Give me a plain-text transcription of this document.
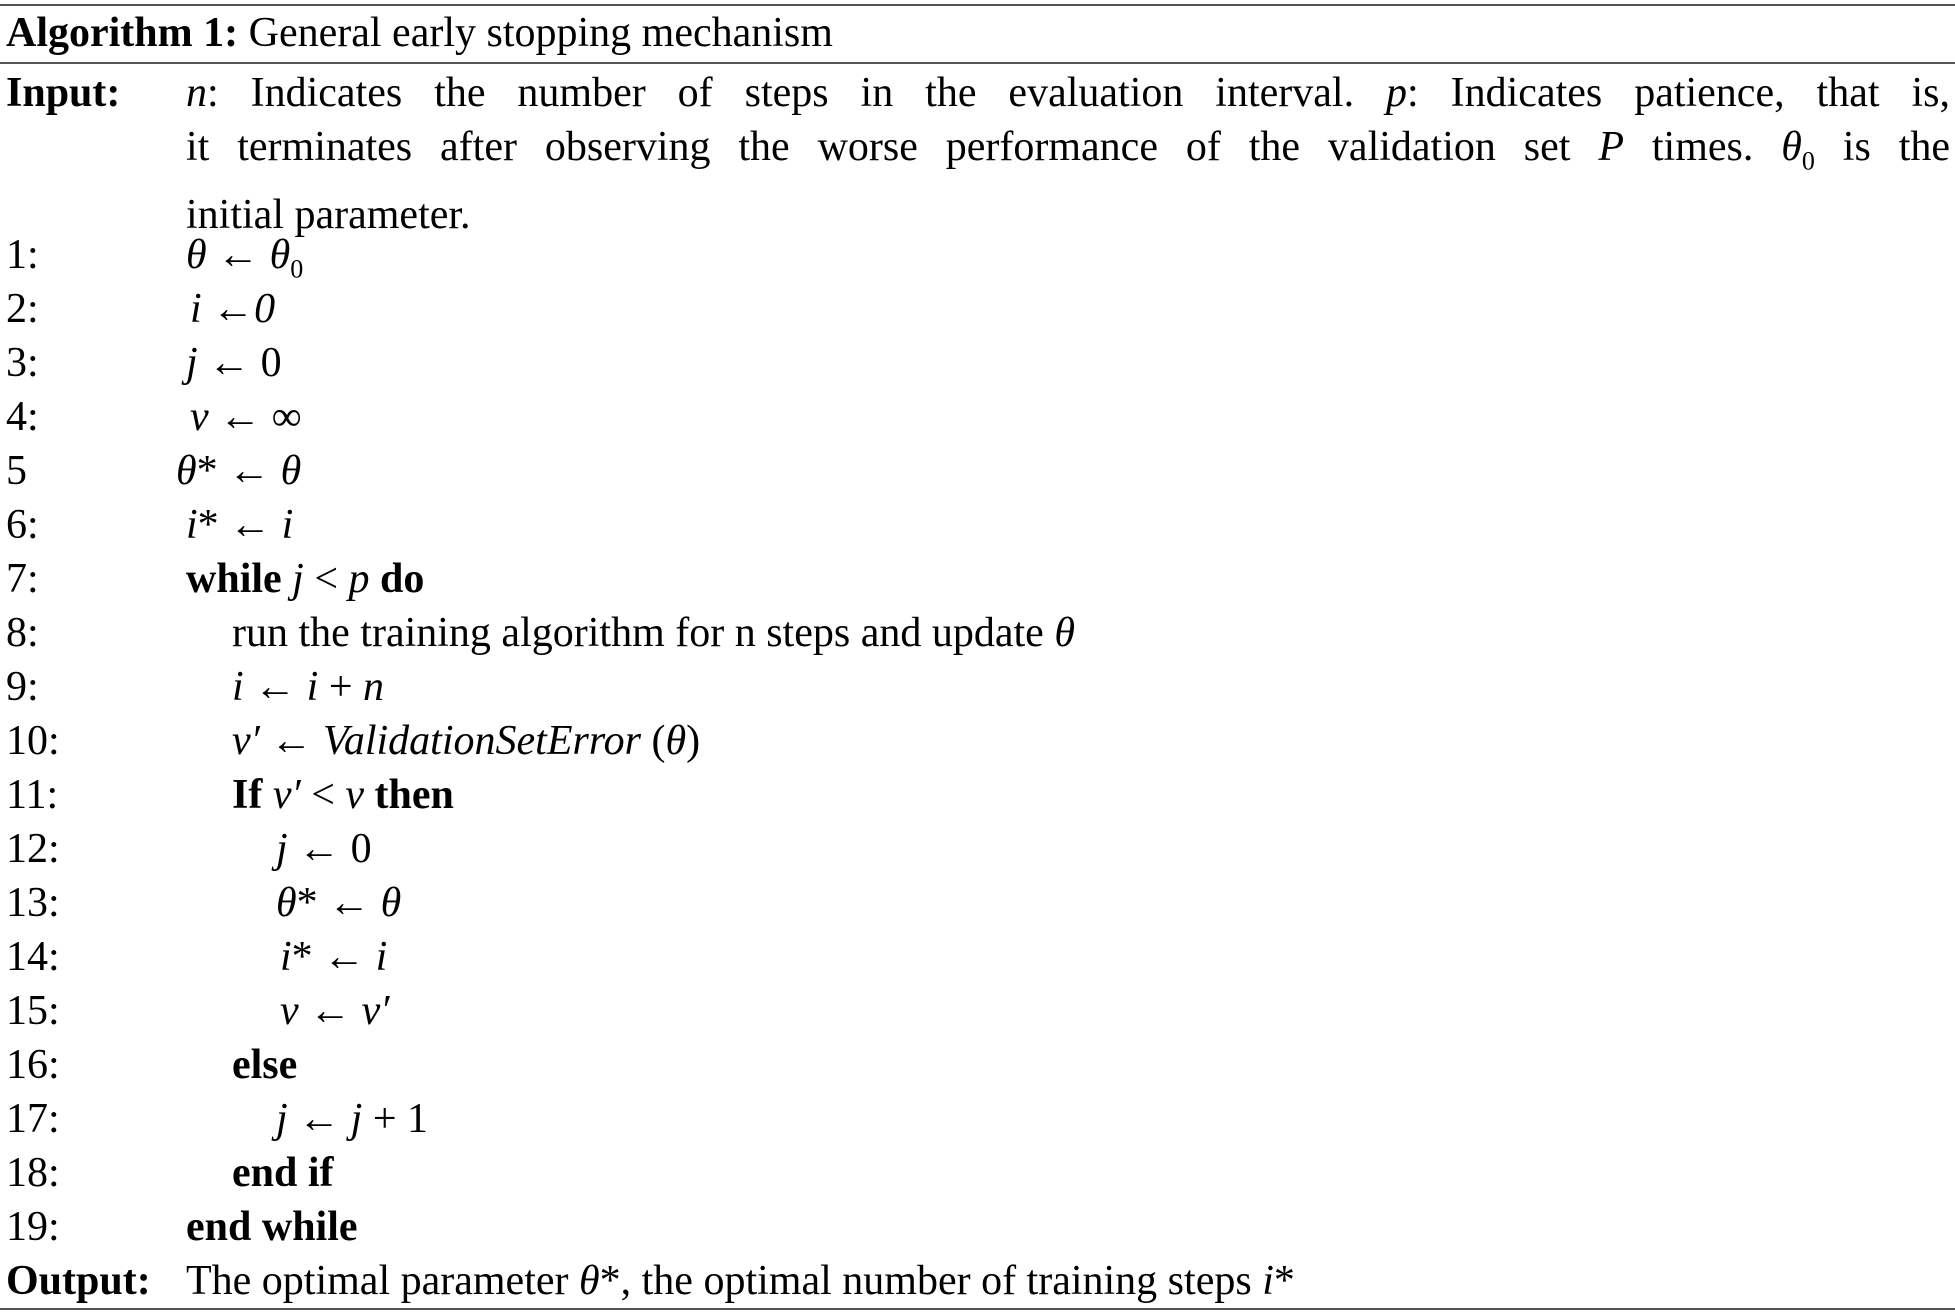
Algorithm 1: General early stopping mechanism
Input: n: Indicates the number of steps in the evaluation interval. p: Indicates patience, that is,
it terminates after observing the worse performance of the validation set P times. $\theta_0$ is the
initial parameter.
1:	θ ← $\theta_0$
2:	i ←0
3:	j ← 0
4:	v ← ∞
5	θ* ← θ
6:	i* ← i
7:	while j < p do
8:	run the training algorithm for n steps and update θ
9:	i ← i + n
10:	v′ ← ValidationSetError (θ)
11:	If v′ < v then
12:	j ← 0
13:	θ* ← θ
14:	i* ← i
15:	v ← v′
16:	else
17:	j ← j + 1
18:	end if
19:	end while
Output: The optimal parameter θ*, the optimal number of training steps i*
